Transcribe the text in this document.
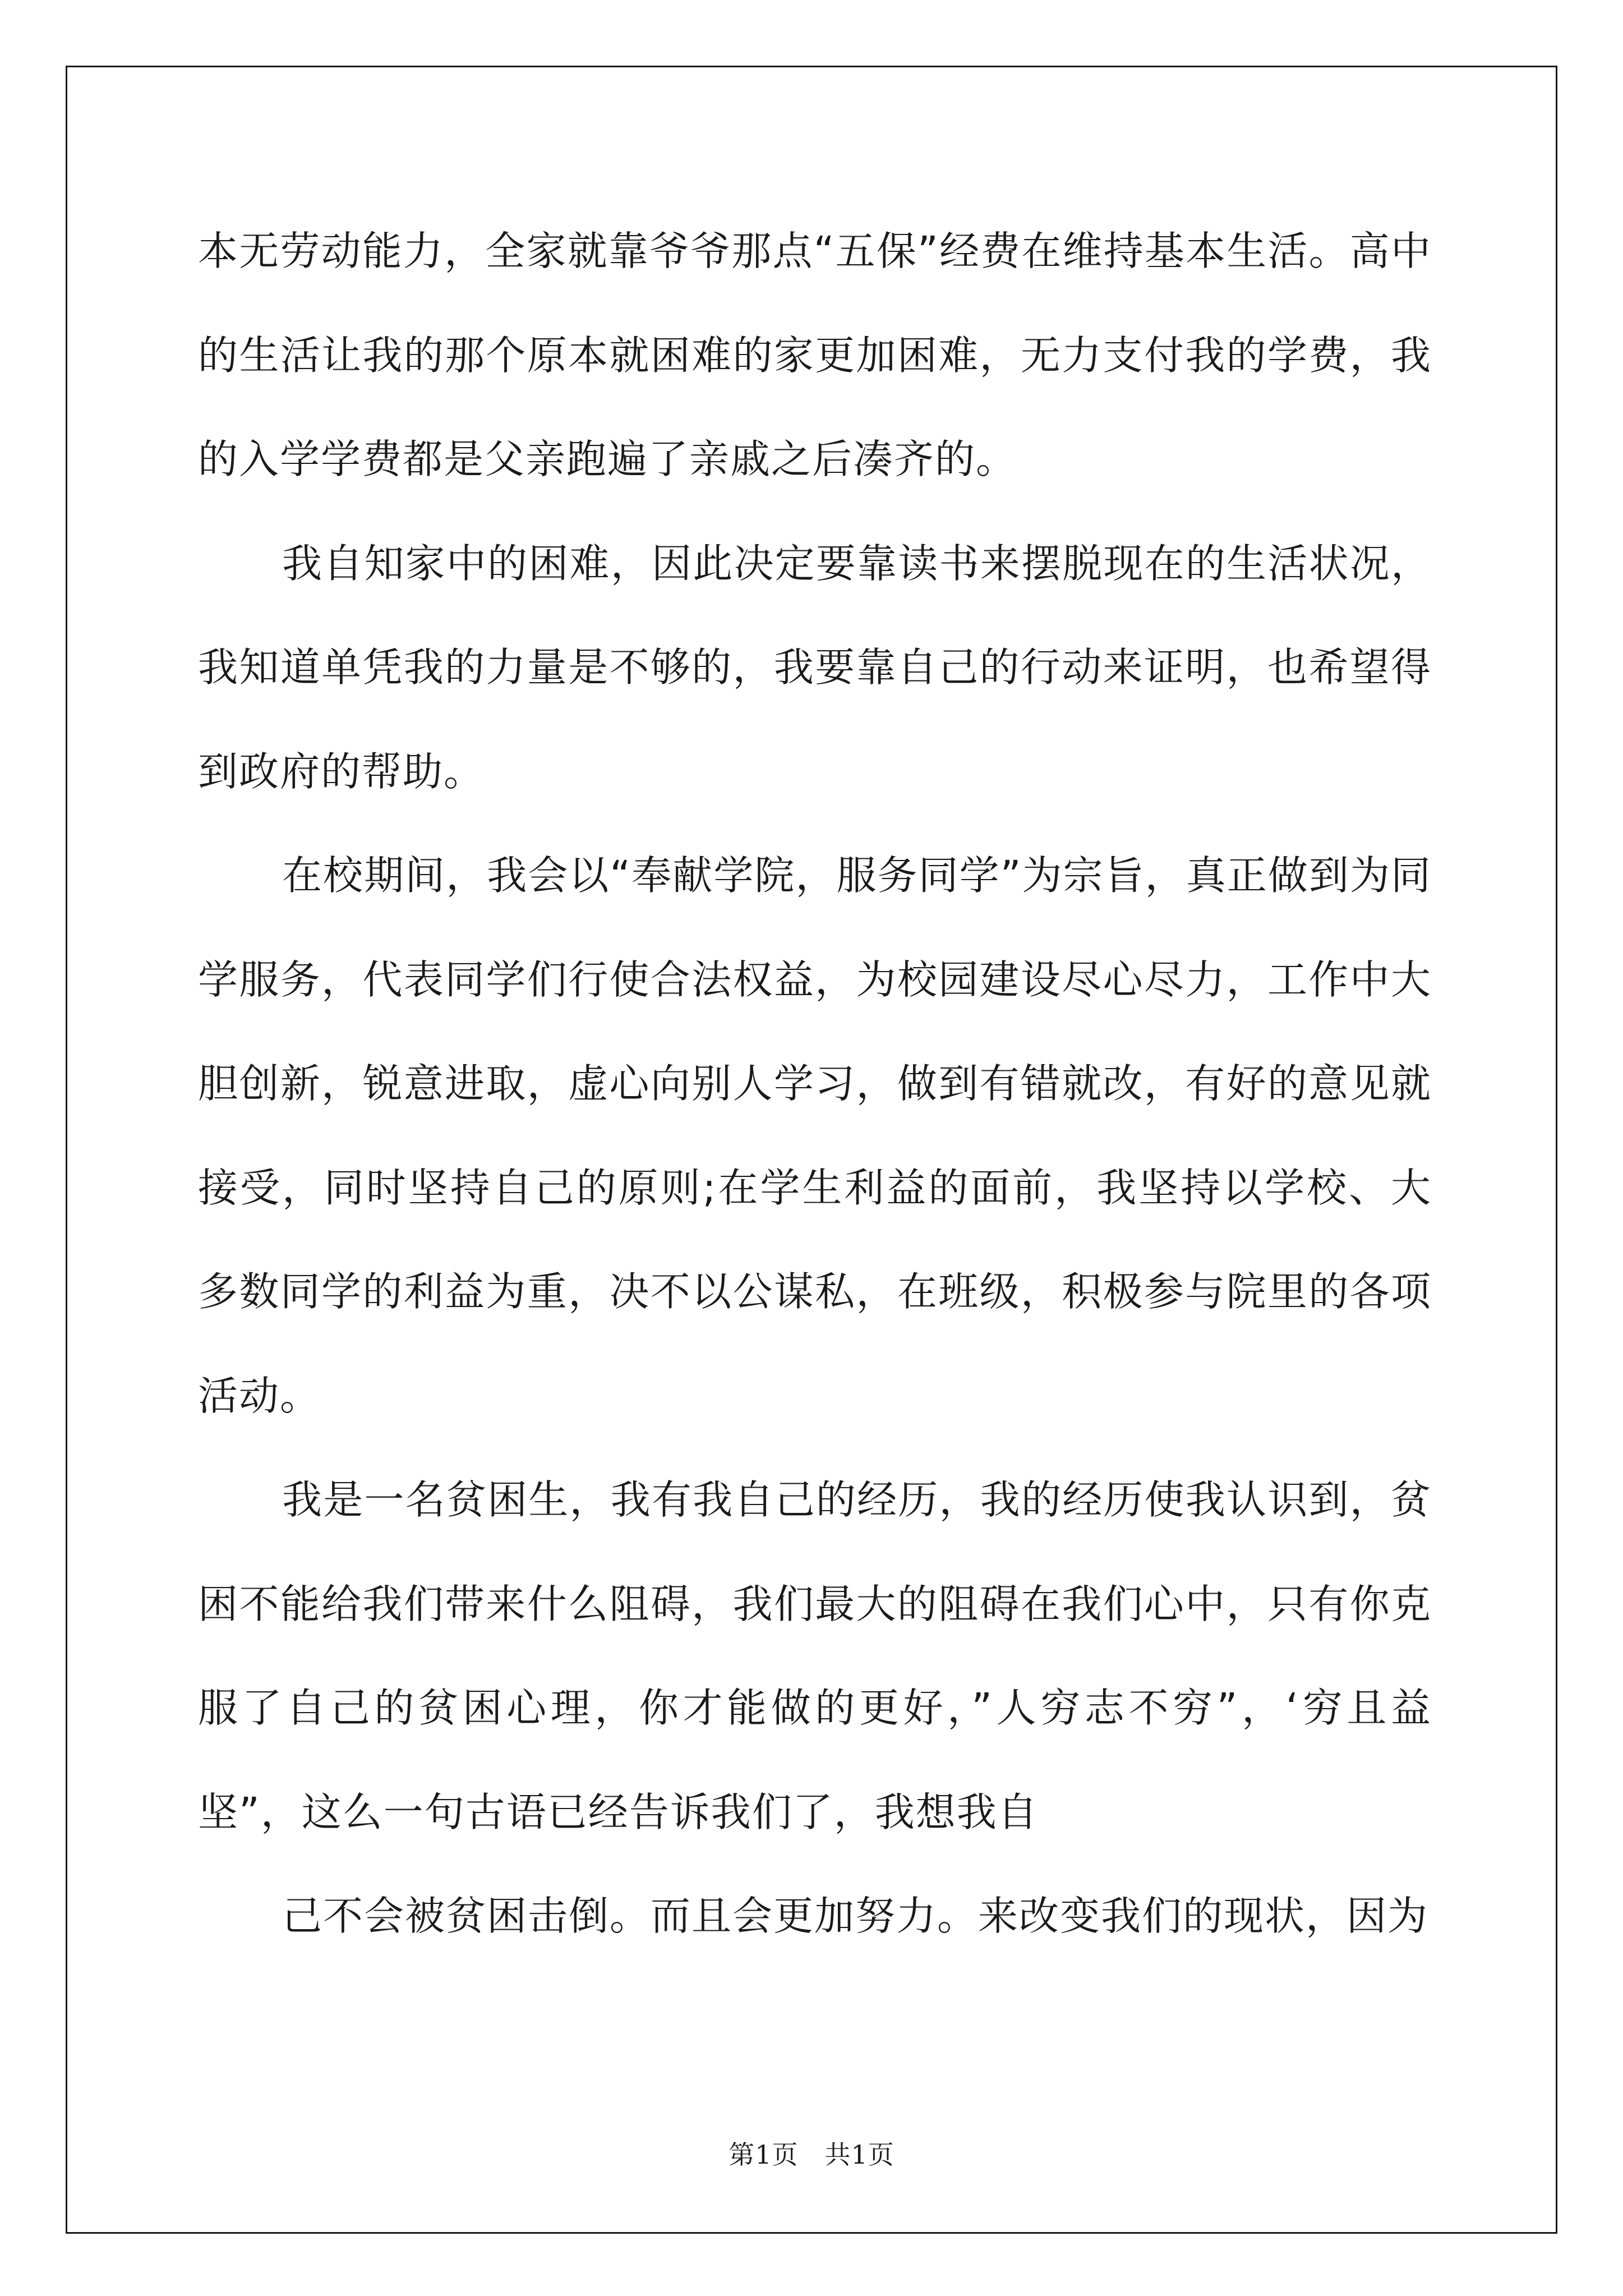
本无劳动能力，全家就靠爷爷那点“五保”经费在维持基本生活。高中的生活让我的那个原本就困难的家更加困难，无力支付我的学费，我的入学学费都是父亲跑遍了亲戚之后凑齐的。

我自知家中的困难，因此决定要靠读书来摆脱现在的生活状况，我知道单凭我的力量是不够的，我要靠自己的行动来证明，也希望得到政府的帮助。

在校期间，我会以“奉献学院，服务同学”为宗旨，真正做到为同学服务，代表同学们行使合法权益，为校园建设尽心尽力，工作中大胆创新，锐意进取，虚心向别人学习，做到有错就改，有好的意见就接受，同时坚持自己的原则;在学生利益的面前，我坚持以学校、大多数同学的利益为重，决不以公谋私，在班级，积极参与院里的各项活动。

我是一名贫困生，我有我自己的经历，我的经历使我认识到，贫困不能给我们带来什么阻碍，我们最大的阻碍在我们心中，只有你克服了自己的贫困心理，你才能做的更好，”人穷志不穷”，‘穷且益坚”，这么一句古语已经告诉我们了，我想我自

己不会被贫困击倒。而且会更加努力。来改变我们的现状，因为

第1页　共1页
